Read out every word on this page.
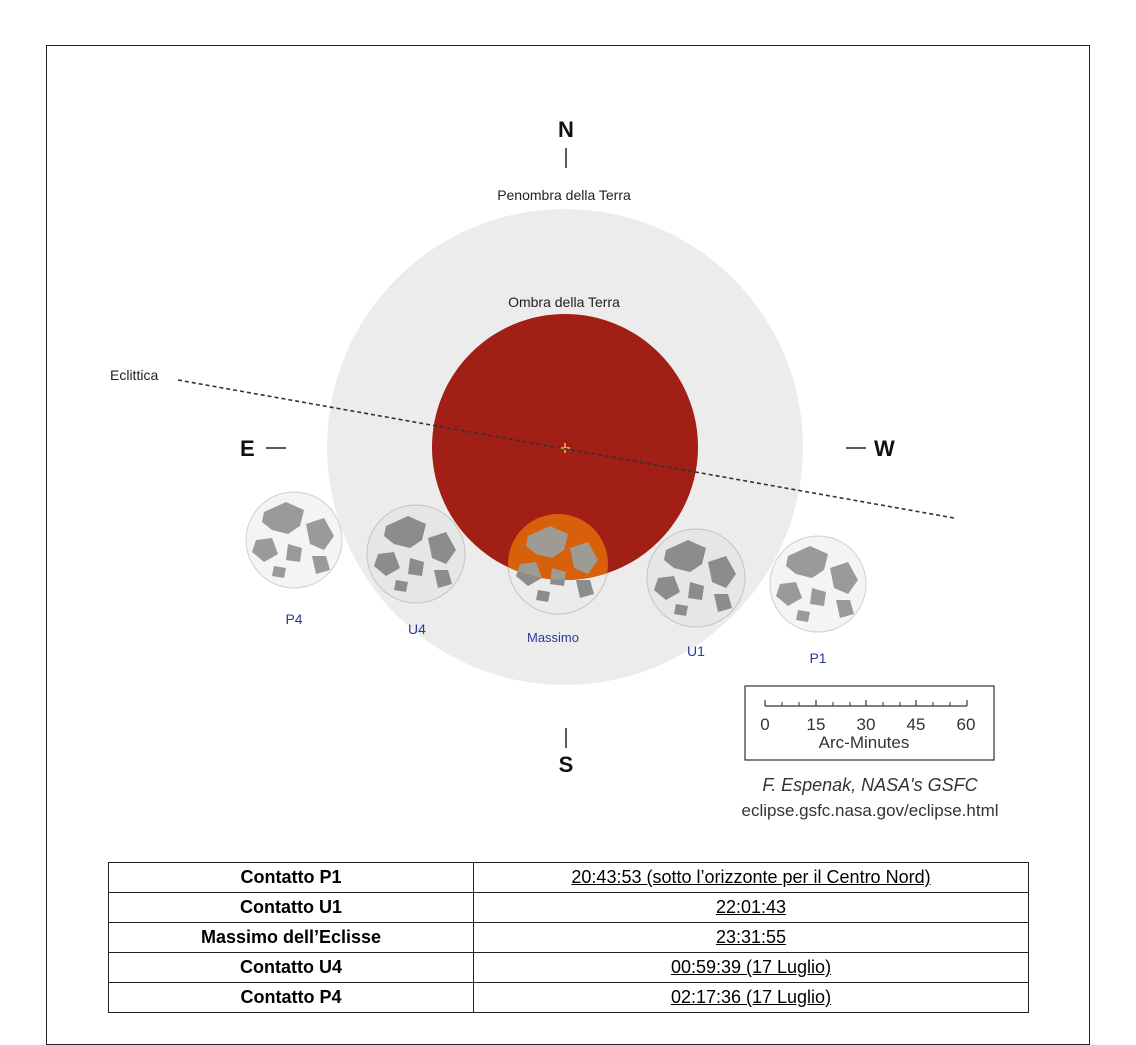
Eclittica
N
S
E	W
Penombra della Terra
Ombra della Terra
P4
U4
Massimo
U1	P1
0 15 30 45 60
Arc-Minutes
F. Espenak, NASA's GSFC
eclipse.gsfc.nasa.gov/eclipse.html
Contatto P1	20:43:53 (sotto l’orizzonte per il Centro Nord)
Contatto U1	22:01:43
Massimo dell’Eclisse	23:31:55
Contatto U4	00:59:39 (17 Luglio)
Contatto P4	02:17:36 (17 Luglio)
